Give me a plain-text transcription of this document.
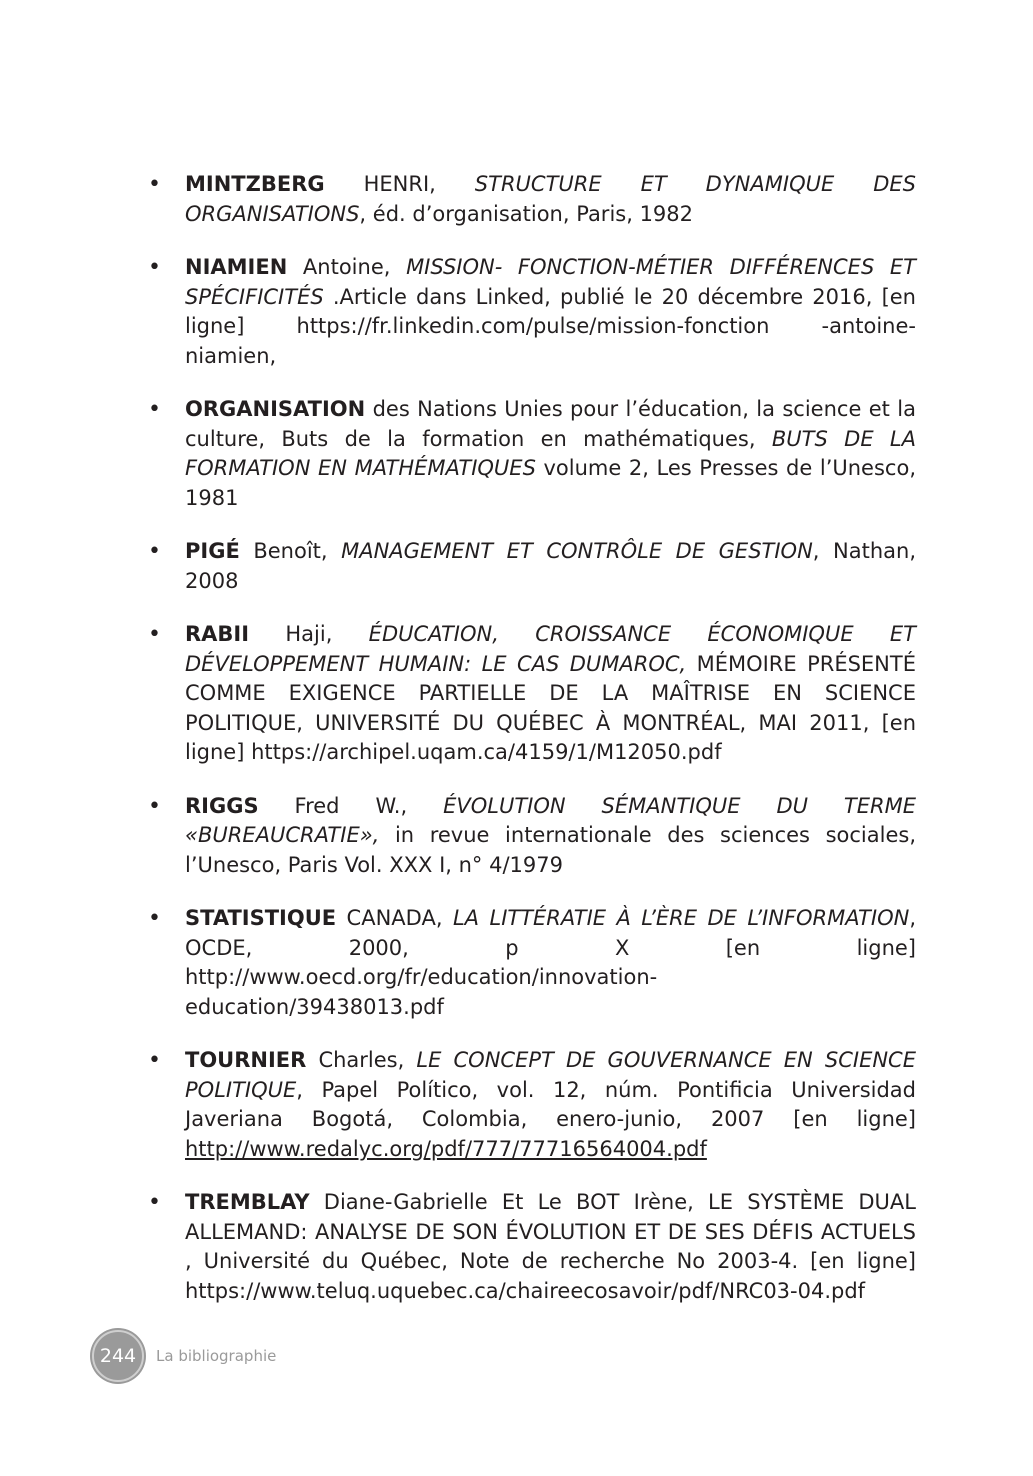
• MINTZBERG HENRI, STRUCTURE ET DYNAMIQUE DES ORGANISATIONS, éd. d’organisation, Paris, 1982
• NIAMIEN Antoine, MISSION- FONCTION-MÉTIER DIFFÉRENCES ET SPÉCIFICITÉS .Article dans Linked, publié le 20 décembre 2016, [en ligne] https://fr.linkedin.com/pulse/mission-fonction -antoine-niamien,
• ORGANISATION des Nations Unies pour l’éducation, la science et la culture, Buts de la formation en mathématiques, BUTS DE LA FORMATION EN MATHÉMATIQUES volume 2, Les Presses de l’Unesco, 1981
• PIGÉ Benoît, MANAGEMENT ET CONTRÔLE DE GESTION, Nathan, 2008
• RABII Haji, ÉDUCATION, CROISSANCE ÉCONOMIQUE ET DÉVELOPPEMENT HUMAIN: LE CAS DUMAROC, MÉMOIRE PRÉSENTÉ COMME EXIGENCE PARTIELLE DE LA MAÎTRISE EN SCIENCE POLITIQUE, UNIVERSITÉ DU QUÉBEC À MONTRÉAL, MAI 2011, [en ligne] https://archipel.uqam.ca/4159/1/M12050.pdf
• RIGGS Fred W., ÉVOLUTION SÉMANTIQUE DU TERME «BUREAUCRATIE», in revue internationale des sciences sociales, l’Unesco, Paris Vol. XXX I, n° 4/1979
• STATISTIQUE CANADA, LA LITTÉRATIE À L’ÈRE DE L’INFORMATION, OCDE, 2000, p X [en ligne] http://www.oecd.org/fr/education/innovation-education/39438013.pdf
• TOURNIER Charles, LE CONCEPT DE GOUVERNANCE EN SCIENCE POLITIQUE, Papel Político, vol. 12, núm. Pontificia Universidad Javeriana Bogotá, Colombia, enero-junio, 2007 [en ligne] http://www.redalyc.org/pdf/777/77716564004.pdf
• TREMBLAY Diane-Gabrielle Et Le BOT Irène, LE SYSTÈME DUAL ALLEMAND: ANALYSE DE SON ÉVOLUTION ET DE SES DÉFIS ACTUELS , Université du Québec, Note de recherche No 2003-4. [en ligne] https://www.teluq.uquebec.ca/chaireecosavoir/pdf/NRC03-04.pdf
244 La bibliographie
